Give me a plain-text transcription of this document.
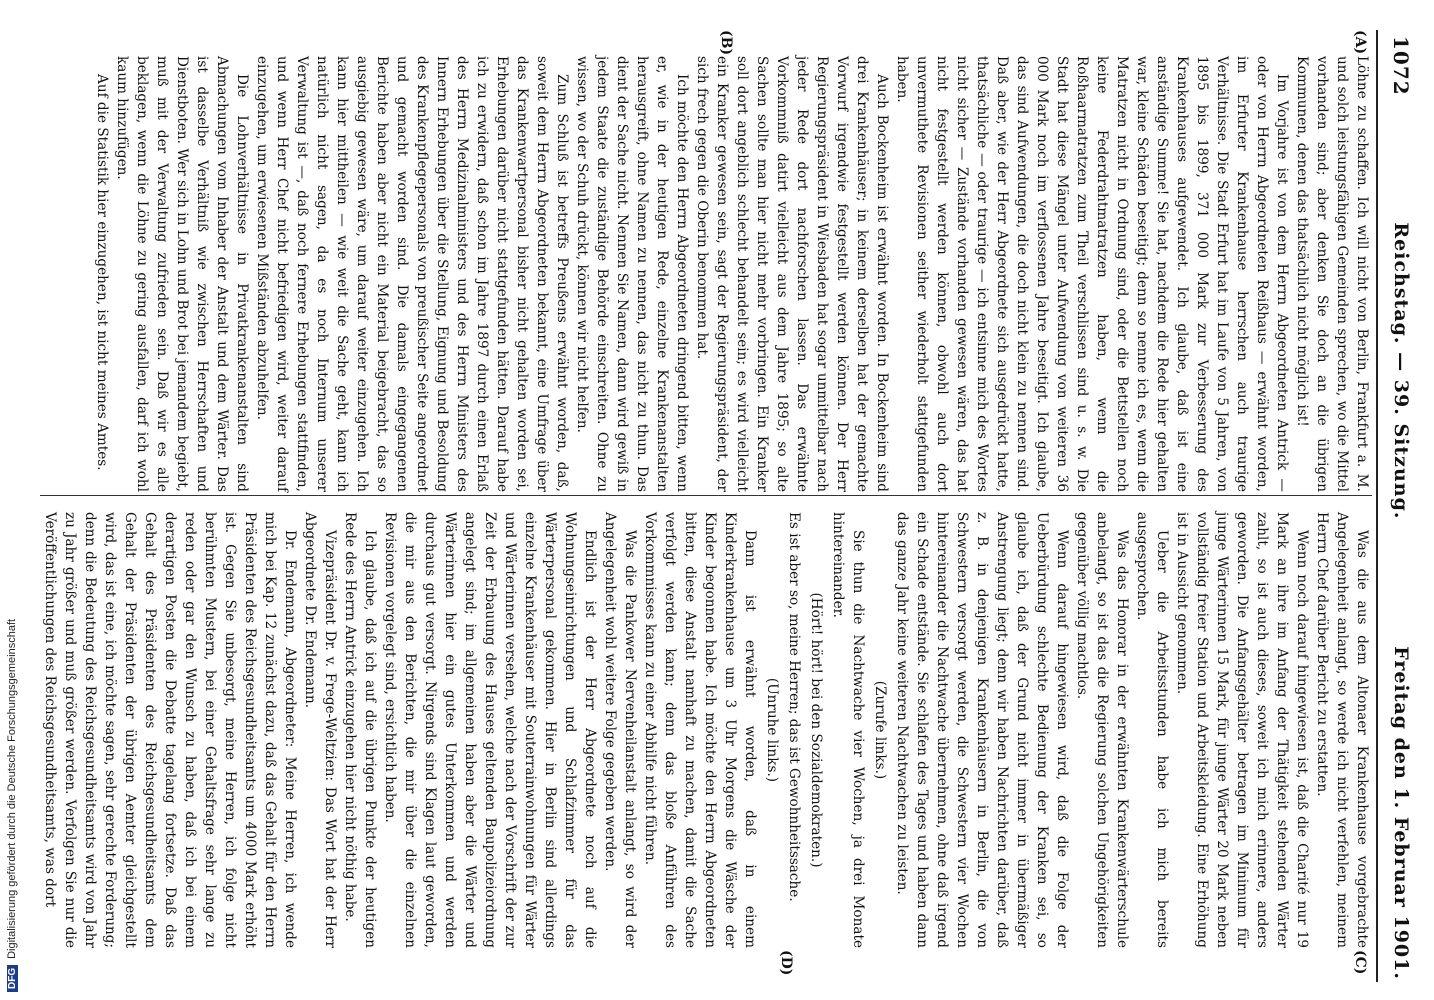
1072
Reichstag. — 39. Sitzung.
Freitag den 1. Februar 1901.
(A)
(B)
(C)
(D)

Löhne zu schaffen. Ich will nicht von Berlin, Frankfurt a. M. und solch leistungsfähigen Gemeinden sprechen, wo die Mittel vorhanden sind; aber denken Sie doch an die übrigen Kommunen, denen das thatsächlich nicht möglich ist!

Im Vorjahre ist von dem Herrn Abgeordneten Antrick — oder von Herrn Abgeordneten Reißhaus — erwähnt worden, im Erfurter Krankenhause herrschen auch traurige Verhältnisse. Die Stadt Erfurt hat im Laufe von 5 Jahren, von 1895 bis 1899, 371 000 Mark zur Verbesserung des Krankenhauses aufgewendet. Ich glaube, daß ist eine anständige Summe! Sie hat, nachdem die Rede hier gehalten war, kleine Schäden beseitigt; denn so nenne ich es, wenn die Matratzen nicht in Ordnung sind, oder die Bettstellen noch keine Federdrahtmatratzen haben, wenn die Roßhaarmatratzen zum Theil verschlissen sind u. s. w. Die Stadt hat diese Mängel unter Aufwendung von weiteren 36 000 Mark noch im verflossenen Jahre beseitigt. Ich glaube, das sind Aufwendungen, die doch nicht klein zu nennen sind. Daß aber, wie der Herr Abgeordnete sich ausgedrückt hatte, thatsächliche — oder traurige — ich entsinne mich des Wortes nicht sicher — Zustände vorhanden gewesen wären, das hat nicht festgestellt werden können, obwohl auch dort unvermuthete Revisionen seither wiederholt stattgefunden haben.

Auch Bockenheim ist erwähnt worden. In Bockenheim sind drei Krankenhäuser; in keinem derselben hat der gemachte Vorwurf irgendwie festgestellt werden können. Der Herr Regierungspräsident in Wiesbaden hat sogar unmittelbar nach jeder Rede dort nachforschen lassen. Das erwähnte Vorkommniß datirt vielleicht aus dem Jahre 1895; so alte Sachen sollte man hier nicht mehr vorbringen. Ein Kranker soll dort angeblich schlecht behandelt sein; es wird vielleicht ein Kranker gewesen sein, sagt der Regierungspräsident, der sich frech gegen die Oberin benommen hat.

Ich möchte den Herrn Abgeordneten dringend bitten, wenn er, wie in der heutigen Rede, einzelne Krankenanstalten herausgreift, ohne Namen zu nennen, das nicht zu thun. Das dient der Sache nicht. Nennen Sie Namen, dann wird gewiß in jedem Staate die zuständige Behörde einschreiten. Ohne zu wissen, wo der Schuh drückt, können wir nicht helfen.

Zum Schluß ist betreffs Preußens erwähnt worden, daß, soweit dem Herrn Abgeordneten bekannt, eine Umfrage über das Krankenwartpersonal bisher nicht gehalten worden sei, Erhebungen darüber nicht stattgefunden hätten. Darauf habe ich zu erwidern, daß schon im Jahre 1897 durch einen Erlaß des Herrn Medizinalministers und des Herrn Ministers des Innern Erhebungen über die Stellung, Eignung und Besoldung des Krankenpflegepersonals von preußischer Seite angeordnet und gemacht worden sind. Die damals eingegangenen Berichte haben aber nicht ein Material beigebracht, das so ausgiebig gewesen wäre, um darauf weiter einzugehen. Ich kann hier mittheilen — wie weit die Sache geht, kann ich natürlich nicht sagen, da es noch Internum unserer Verwaltung ist —, daß noch fernere Erhebungen stattfinden, und wenn Herr Chef nicht befriedigen wird, weiter darauf einzugehen, um erwiesenen Mißständen abzuhelfen.

Die Lohnverhältnisse in Privatkrankenanstalten sind Abmachungen vom Inhaber der Anstalt und dem Wärter. Das ist dasselbe Verhältniß wie zwischen Herrschaften und Dienstboten. Wer sich in Lohn und Brot bei jemandem begiebt, muß mit der Verwaltung zufrieden sein. Daß wir es alle beklagen, wenn die Löhne zu gering ausfallen, darf ich wohl kaum hinzufügen.

Auf die Statistik hier einzugehen, ist nicht meines Amtes.

Was die aus dem Altonaer Krankenhause vorgebrachte Angelegenheit anlangt, so werde ich nicht verfehlen, meinem Herrn Chef darüber Bericht zu erstatten.

Wenn noch darauf hingewiesen ist, daß die Charité nur 19 Mark an ihre im Anfang der Thätigkeit stehenden Wärter zahlt, so ist auch dieses, soweit ich mich erinnere, anders geworden. Die Anfangsgehälter betragen im Minimum für junge Wärterinnen 15 Mark, für junge Wärter 20 Mark neben vollständig freier Station und Arbeitskleidung. Eine Erhöhung ist in Aussicht genommen.

Ueber die Arbeitsstunden habe ich mich bereits ausgesprochen.

Was das Honorar in der erwähnten Krankenwärterschule anbelangt, so ist das die Regierung solchen Ungehörigkeiten gegenüber völlig machtlos.

Wenn darauf hingewiesen wird, daß die Folge der Ueberbürdung schlechte Bedienung der Kranken sei, so glaube ich, daß der Grund nicht immer in übermäßiger Anstrengung liegt; denn wir haben Nachrichten darüber, daß z. B. in denjenigen Krankenhäusern in Berlin, die von Schwestern versorgt werden, die Schwestern vier Wochen hintereinander die Nachtwache übernehmen, ohne daß irgend ein Schade entstände. Sie schlafen des Tages und haben dann das ganze Jahr keine weiteren Nachtwachen zu leisten.

(Zurufe links.)

Sie thun die Nachtwache vier Wochen, ja drei Monate hintereinander.

(Hört! hört! bei den Sozialdemokraten.)

Es ist aber so, meine Herren; das ist Gewohnheitssache.

(Unruhe links.)

Dann ist erwähnt worden, daß in einem Kinderkrankenhause um 3 Uhr Morgens die Wäsche der Kinder begonnen habe. Ich möchte den Herrn Abgeordneten bitten, diese Anstalt namhaft zu machen, damit die Sache verfolgt werden kann; denn das bloße Anführen des Vorkommnisses kann zu einer Abhilfe nicht führen.

Was die Pankower Nervenheilanstalt anlangt, so wird der Angelegenheit wohl weitere Folge gegeben werden.

Endlich ist der Herr Abgeordnete noch auf die Wohnungseinrichtungen und Schlafzimmer für das Wärterpersonal gekommen. Hier in Berlin sind allerdings einzelne Krankenhäuser mit Souterrainwohnungen für Wärter und Wärterinnen versehen, welche nach der Vorschrift der zur Zeit der Erbauung des Hauses geltenden Baupolizeiordnung angelegt sind; im allgemeinen haben aber die Wärter und Wärterinnen hier ein gutes Unterkommen und werden durchaus gut versorgt. Nirgends sind Klagen laut geworden, die mir aus den Berichten, die mir über die einzelnen Revisionen vorgelegt sind, ersichtlich haben.

Ich glaube, daß ich auf die übrigen Punkte der heutigen Rede des Herrn Antrick einzugehen hier nicht nöthig habe.

Vizepräsident Dr. v. Frege-Weltzien: Das Wort hat der Herr Abgeordnete Dr. Endemann.

Dr. Endemann, Abgeordneter: Meine Herren, ich wende mich bei Kap. 12 zunächst dazu, daß das Gehalt für den Herrn Präsidenten des Reichsgesundheitsamts um 4000 Mark erhöht ist. Gegen Sie unbesorgt, meine Herren, ich folge nicht berühmten Mustern, bei einer Gehaltsfrage sehr lange zu reden oder gar den Wunsch zu haben, daß ich bei einem derartigen Posten die Debatte tagelang fortsetze. Daß das Gehalt des Präsidenten des Reichsgesundheitsamts dem Gehalt der Präsidenten der übrigen Aemter gleichgestellt wird, das ist eine, ich möchte sagen, sehr gerechte Forderung; denn die Bedeutung des Reichsgesundheitsamts wird von Jahr zu Jahr größer und muß größer werden. Verfolgen Sie nur die Veröffentlichungen des Reichsgesundheitsamts, was dort

DFGDigitalisierung gefördert durch die Deutsche Forschungsgemeinschaft
